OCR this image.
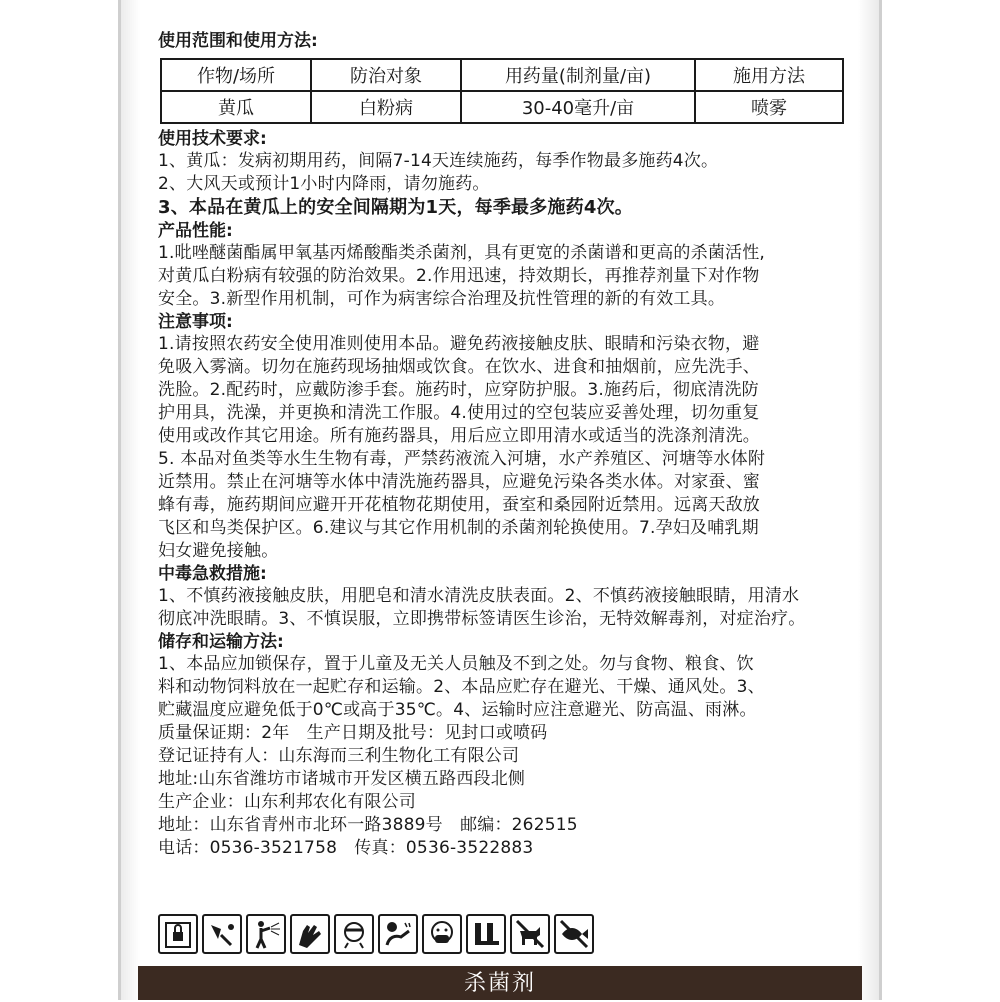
使用范围和使用方法:

作物/场所	防治对象	用药量(制剂量/亩)	施用方法
黄瓜	白粉病	30-40毫升/亩	喷雾

使用技术要求:

1、黄瓜：发病初期用药，间隔7-14天连续施药，每季作物最多施药4次。

2、大风天或预计1小时内降雨，请勿施药。

3、本品在黄瓜上的安全间隔期为1天，每季最多施药4次。

产品性能:

1.吡唑醚菌酯属甲氧基丙烯酸酯类杀菌剂，具有更宽的杀菌谱和更高的杀菌活性,
对黄瓜白粉病有较强的防治效果。2.作用迅速，持效期长，再推荐剂量下对作物
安全。3.新型作用机制，可作为病害综合治理及抗性管理的新的有效工具。

注意事项:

1.请按照农药安全使用准则使用本品。避免药液接触皮肤、眼睛和污染衣物，避
免吸入雾滴。切勿在施药现场抽烟或饮食。在饮水、进食和抽烟前，应先洗手、
洗脸。2.配药时，应戴防渗手套。施药时，应穿防护服。3.施药后，彻底清洗防
护用具，洗澡，并更换和清洗工作服。4.使用过的空包装应妥善处理，切勿重复
使用或改作其它用途。所有施药器具，用后应立即用清水或适当的洗涤剂清洗。
5. 本品对鱼类等水生生物有毒，严禁药液流入河塘，水产养殖区、河塘等水体附
近禁用。禁止在河塘等水体中清洗施药器具，应避免污染各类水体。对家蚕、蜜
蜂有毒，施药期间应避开开花植物花期使用，蚕室和桑园附近禁用。远离天敌放
飞区和鸟类保护区。6.建议与其它作用机制的杀菌剂轮换使用。7.孕妇及哺乳期
妇女避免接触。

中毒急救措施:

1、不慎药液接触皮肤，用肥皂和清水清洗皮肤表面。2、不慎药液接触眼睛，用清水
彻底冲洗眼睛。3、不慎误服，立即携带标签请医生诊治，无特效解毒剂，对症治疗。

储存和运输方法:

1、本品应加锁保存，置于儿童及无关人员触及不到之处。勿与食物、粮食、饮
料和动物饲料放在一起贮存和运输。2、本品应贮存在避光、干燥、通风处。3、
贮藏温度应避免低于0℃或高于35℃。4、运输时应注意避光、防高温、雨淋。

质量保证期：2年　生产日期及批号：见封口或喷码

登记证持有人：山东海而三利生物化工有限公司

地址:山东省潍坊市诸城市开发区横五路西段北侧

生产企业：山东利邦农化有限公司

地址：山东省青州市北环一路3889号　邮编：262515

电话：0536-3521758　传真：0536-3522883

杀菌剂
